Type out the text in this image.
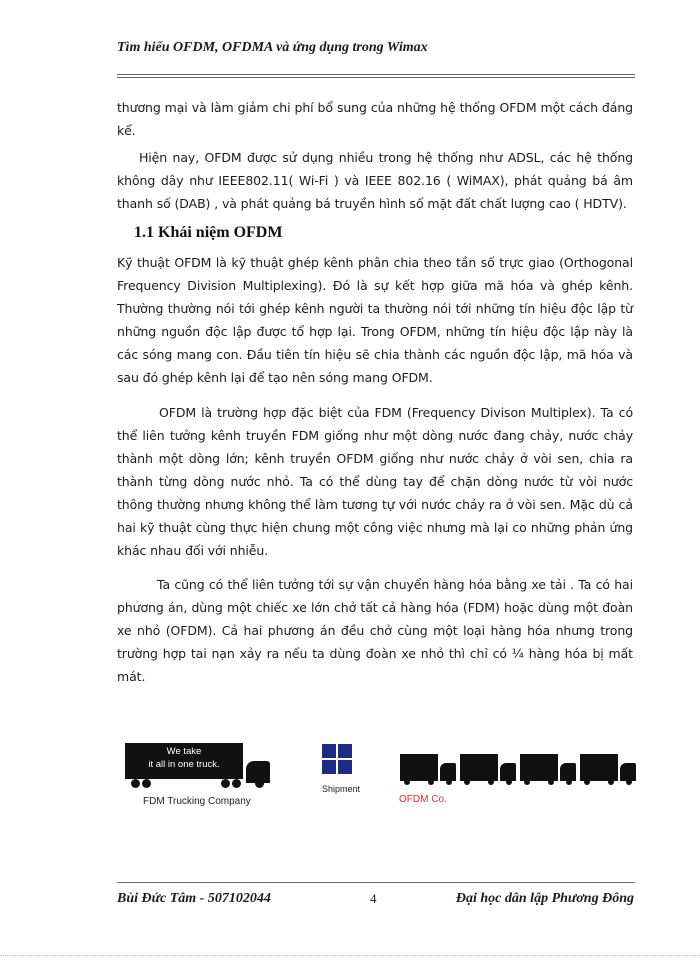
Tìm hiểu OFDM, OFDMA và ứng dụng trong Wimax

thương mại và làm giảm chi phí bổ sung của những hệ thống OFDM một cách đáng kể.

Hiện nay, OFDM được sử dụng nhiều trong hệ thống như ADSL, các hệ thống không dây như IEEE802.11( Wi-Fi ) và IEEE 802.16 ( WiMAX), phát quảng bá âm thanh số (DAB) , và phát quảng bá truyền hình số mặt đất chất lượng cao ( HDTV).

1.1 Khái niệm OFDM

Kỹ thuật OFDM là kỹ thuật ghép kênh phân chia theo tần số trực giao (Orthogonal Frequency Division Multiplexing). Đó là sự kết hợp giữa mã hóa và ghép kênh. Thường thường nói tới ghép kênh người ta thường nói tới những tín hiệu độc lập từ những nguồn độc lập được tổ hợp lại. Trong OFDM, những tín hiệu độc lập này là các sóng mang con. Đầu tiên tín hiệu sẽ chia thành các nguồn độc lập, mã hóa và sau đó ghép kênh lại để tạo nên sóng mang OFDM.

OFDM là trường hợp đặc biệt của FDM (Frequency Divison Multiplex). Ta có thể liên tưởng kênh truyền FDM giống như một dòng nước đang chảy, nước chảy thành một dòng lớn; kênh truyền OFDM giống như nước chảy ở vòi sen, chia ra thành từng dòng nước nhỏ. Ta có thể dùng tay để chặn dòng nước từ vòi nước thông thường nhưng không thể làm tương tự với nước chảy ra ở vòi sen. Mặc dù cả hai kỹ thuật cùng thực hiện chung một công việc nhưng mà lại co những phản ứng khác nhau đối với nhiễu.

Ta cũng có thể liên tưởng tới sự vận chuyển hàng hóa bằng xe tải . Ta có hai phương án, dùng một chiếc xe lớn chở tất cả hàng hóa (FDM) hoặc dùng một đoàn xe nhỏ (OFDM). Cả hai phương án đều chở cùng một loại hàng hóa nhưng trong trường hợp tai nạn xảy ra nếu ta dùng đoàn xe nhỏ thì chỉ có ¼ hàng hóa bị mất mát.

We take
it all in one truck.
FDM Trucking Company
Shipment
OFDM Co.
Bùi Đức Tâm - 507102044	4	Đại học dân lập Phương Đông
